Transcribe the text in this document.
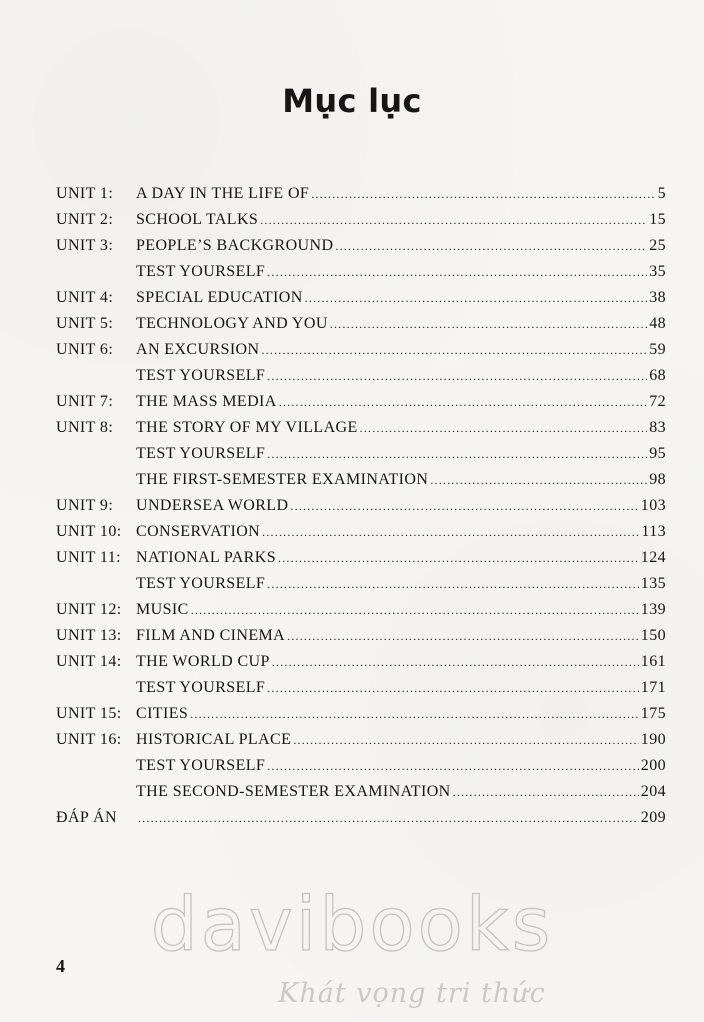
Mục lục
UNIT 1:	A DAY IN THE LIFE OF .....	5
UNIT 2:	SCHOOL TALKS .....	15
UNIT 3:	PEOPLE’S BACKGROUND .....	25
TEST YOURSELF .....	35
UNIT 4:	SPECIAL EDUCATION .....	38
UNIT 5:	TECHNOLOGY AND YOU .....	48
UNIT 6:	AN EXCURSION .....	59
TEST YOURSELF .....	68
UNIT 7:	THE MASS MEDIA .....	72
UNIT 8:	THE STORY OF MY VILLAGE .....	83
TEST YOURSELF .....	95
THE FIRST-SEMESTER EXAMINATION .....	98
UNIT 9:	UNDERSEA WORLD .....	103
UNIT 10: CONSERVATION .....	113
UNIT 11: NATIONAL PARKS .....	124
TEST YOURSELF .....	135
UNIT 12: MUSIC .....	139
UNIT 13: FILM AND CINEMA .....	150
UNIT 14: THE WORLD CUP .....	161
TEST YOURSELF .....	171
UNIT 15: CITIES .....	175
UNIT 16: HISTORICAL PLACE .....	190
TEST YOURSELF .....	200
THE SECOND-SEMESTER EXAMINATION .....	204
ĐÁP ÁN .....	209
4	davibooks
Khát vọng tri thức
